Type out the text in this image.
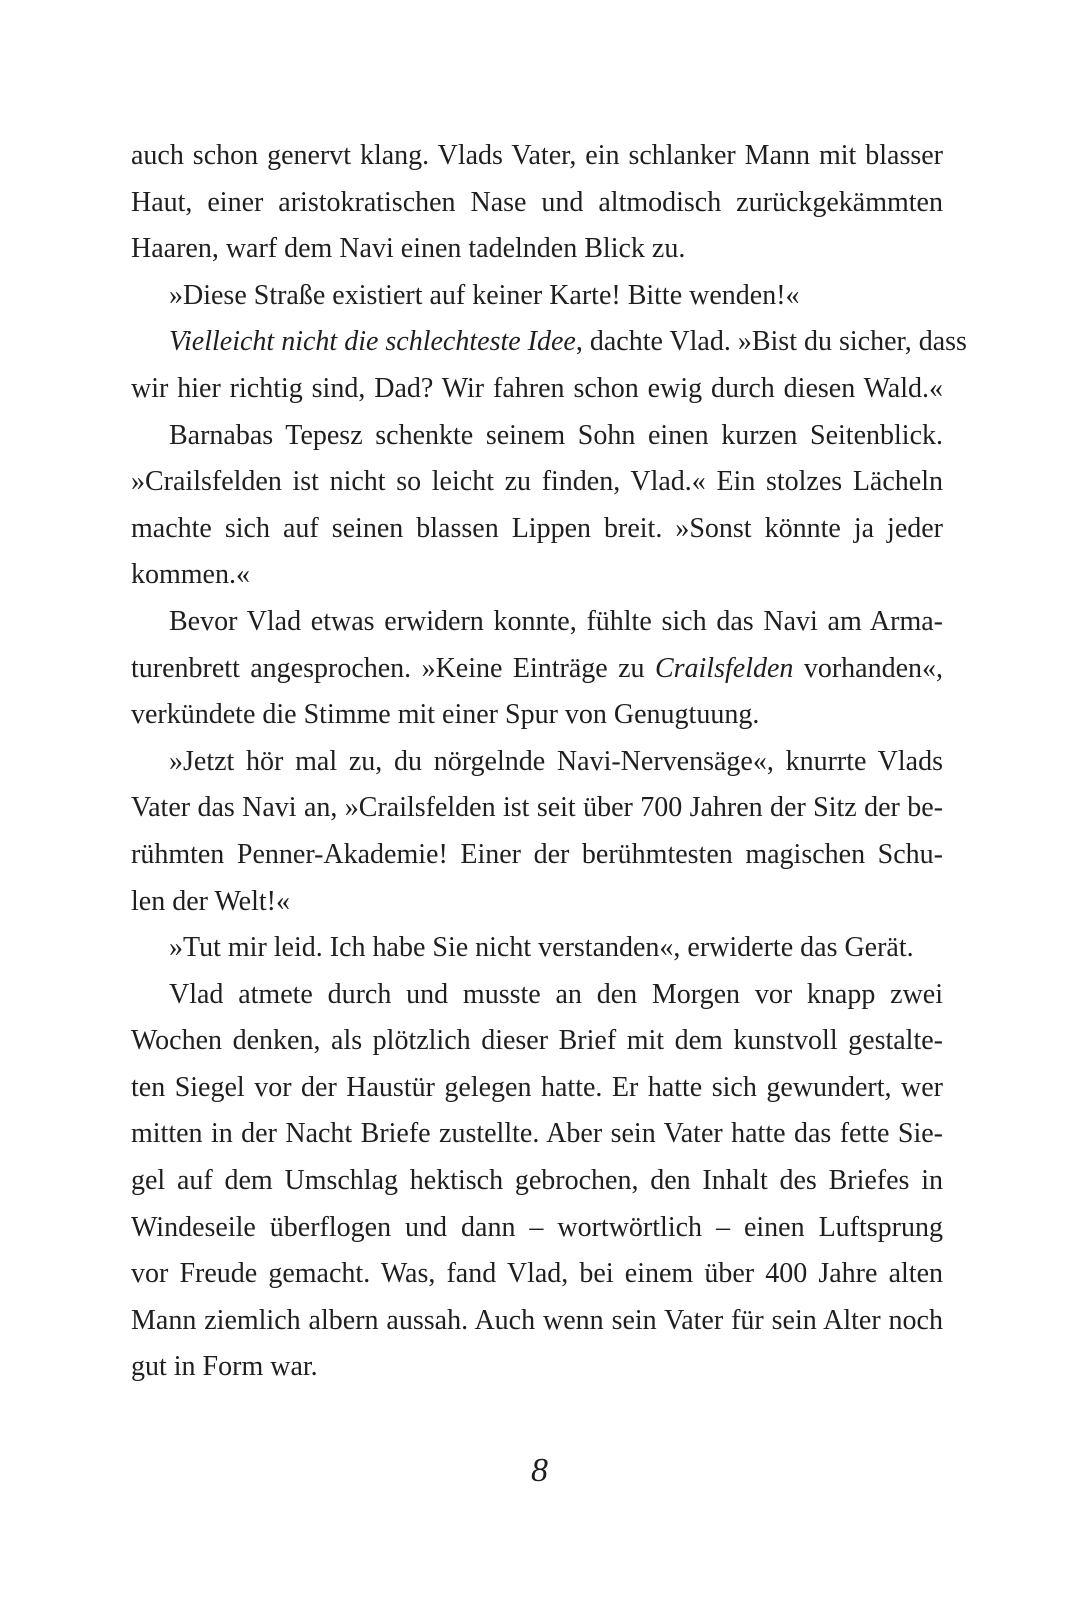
auch schon genervt klang. Vlads Vater, ein schlanker Mann mit blasser
Haut, einer aristokratischen Nase und altmodisch zurückgekämmten
Haaren, warf dem Navi einen tadelnden Blick zu.
»Diese Straße existiert auf keiner Karte! Bitte wenden!«
Vielleicht nicht die schlechteste Idee, dachte Vlad. »Bist du sicher, dass
wir hier richtig sind, Dad? Wir fahren schon ewig durch diesen Wald.«
Barnabas Tepesz schenkte seinem Sohn einen kurzen Seitenblick.
»Crailsfelden ist nicht so leicht zu finden, Vlad.« Ein stolzes Lächeln
machte sich auf seinen blassen Lippen breit. »Sonst könnte ja jeder
kommen.«
Bevor Vlad etwas erwidern konnte, fühlte sich das Navi am Arma-
turenbrett angesprochen. »Keine Einträge zu Crailsfelden vorhanden«,
verkündete die Stimme mit einer Spur von Genugtuung.
»Jetzt hör mal zu, du nörgelnde Navi-Nervensäge«, knurrte Vlads
Vater das Navi an, »Crailsfelden ist seit über 700 Jahren der Sitz der be-
rühmten Penner-Akademie! Einer der berühmtesten magischen Schu-
len der Welt!«
»Tut mir leid. Ich habe Sie nicht verstanden«, erwiderte das Gerät.
Vlad atmete durch und musste an den Morgen vor knapp zwei
Wochen denken, als plötzlich dieser Brief mit dem kunstvoll gestalte-
ten Siegel vor der Haustür gelegen hatte. Er hatte sich gewundert, wer
mitten in der Nacht Briefe zustellte. Aber sein Vater hatte das fette Sie-
gel auf dem Umschlag hektisch gebrochen, den Inhalt des Briefes in
Windeseile überflogen und dann – wortwörtlich – einen Luftsprung
vor Freude gemacht. Was, fand Vlad, bei einem über 400 Jahre alten
Mann ziemlich albern aussah. Auch wenn sein Vater für sein Alter noch
gut in Form war.
8
